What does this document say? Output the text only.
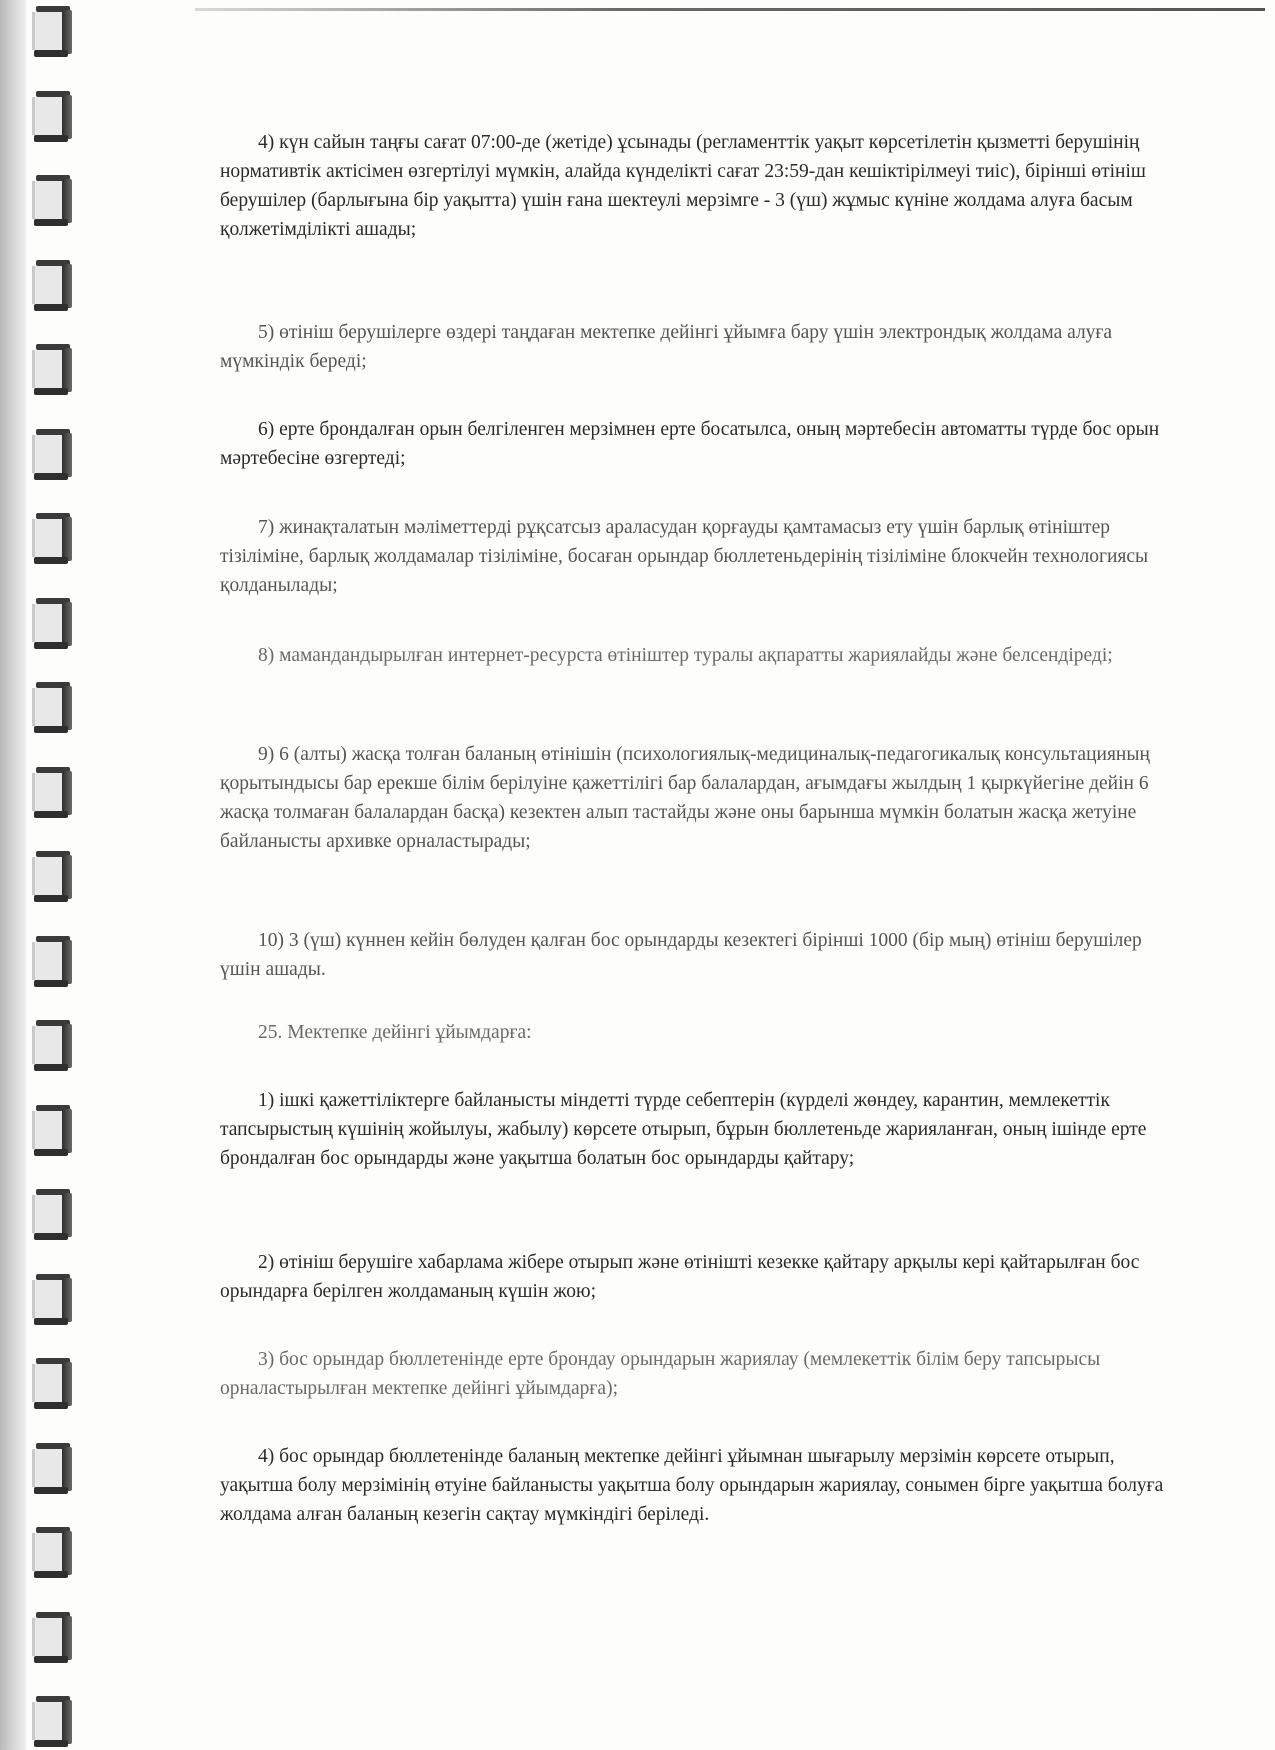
4) күн сайын таңғы сағат 07:00-де (жетіде) ұсынады (регламенттік уақыт көрсетілетін қызметті берушінің нормативтік актісімен өзгертілуі мүмкін, алайда күнделікті сағат 23:59-дан кешіктірілмеуі тиіс), бірінші өтініш берушілер (барлығына бір уақытта) үшін ғана шектеулі мерзімге - 3 (үш) жұмыс күніне жолдама алуға басым қолжетімділікті ашады;

5) өтініш берушілерге өздері таңдаған мектепке дейінгі ұйымға бару үшін электрондық жолдама алуға мүмкіндік береді;

6) ерте брондалған орын белгіленген мерзімнен ерте босатылса, оның мәртебесін автоматты түрде бос орын мәртебесіне өзгертеді;

7) жинақталатын мәліметтерді рұқсатсыз араласудан қорғауды қамтамасыз ету үшін барлық өтініштер тізіліміне, барлық жолдамалар тізіліміне, босаған орындар бюллетеньдерінің тізіліміне блокчейн технологиясы қолданылады;

8) мамандандырылған интернет-ресурста өтініштер туралы ақпаратты жариялайды және белсендіреді;

9) 6 (алты) жасқа толған баланың өтінішін (психологиялық-медициналық-педагогикалық консультацияның қорытындысы бар ерекше білім берілуіне қажеттілігі бар балалардан, ағымдағы жылдың 1 қыркүйегіне дейін 6 жасқа толмаған балалардан басқа) кезектен алып тастайды және оны барынша мүмкін болатын жасқа жетуіне байланысты архивке орналастырады;

10) 3 (үш) күннен кейін бөлуден қалған бос орындарды кезектегі бірінші 1000 (бір мың) өтініш берушілер үшін ашады.

25. Мектепке дейінгі ұйымдарға:

1) ішкі қажеттіліктерге байланысты міндетті түрде себептерін (күрделі жөндеу, карантин, мемлекеттік тапсырыстың күшінің жойылуы, жабылу) көрсете отырып, бұрын бюллетеньде жарияланған, оның ішінде ерте брондалған бос орындарды және уақытша болатын бос орындарды қайтару;

2) өтініш берушіге хабарлама жібере отырып және өтінішті кезекке қайтару арқылы кері қайтарылған бос орындарға берілген жолдаманың күшін жою;

3) бос орындар бюллетенінде ерте брондау орындарын жариялау (мемлекеттік білім беру тапсырысы орналастырылған мектепке дейінгі ұйымдарға);

4) бос орындар бюллетенінде баланың мектепке дейінгі ұйымнан шығарылу мерзімін көрсете отырып, уақытша болу мерзімінің өтуіне байланысты уақытша болу орындарын жариялау, сонымен бірге уақытша болуға жолдама алған баланың кезегін сақтау мүмкіндігі беріледі.
